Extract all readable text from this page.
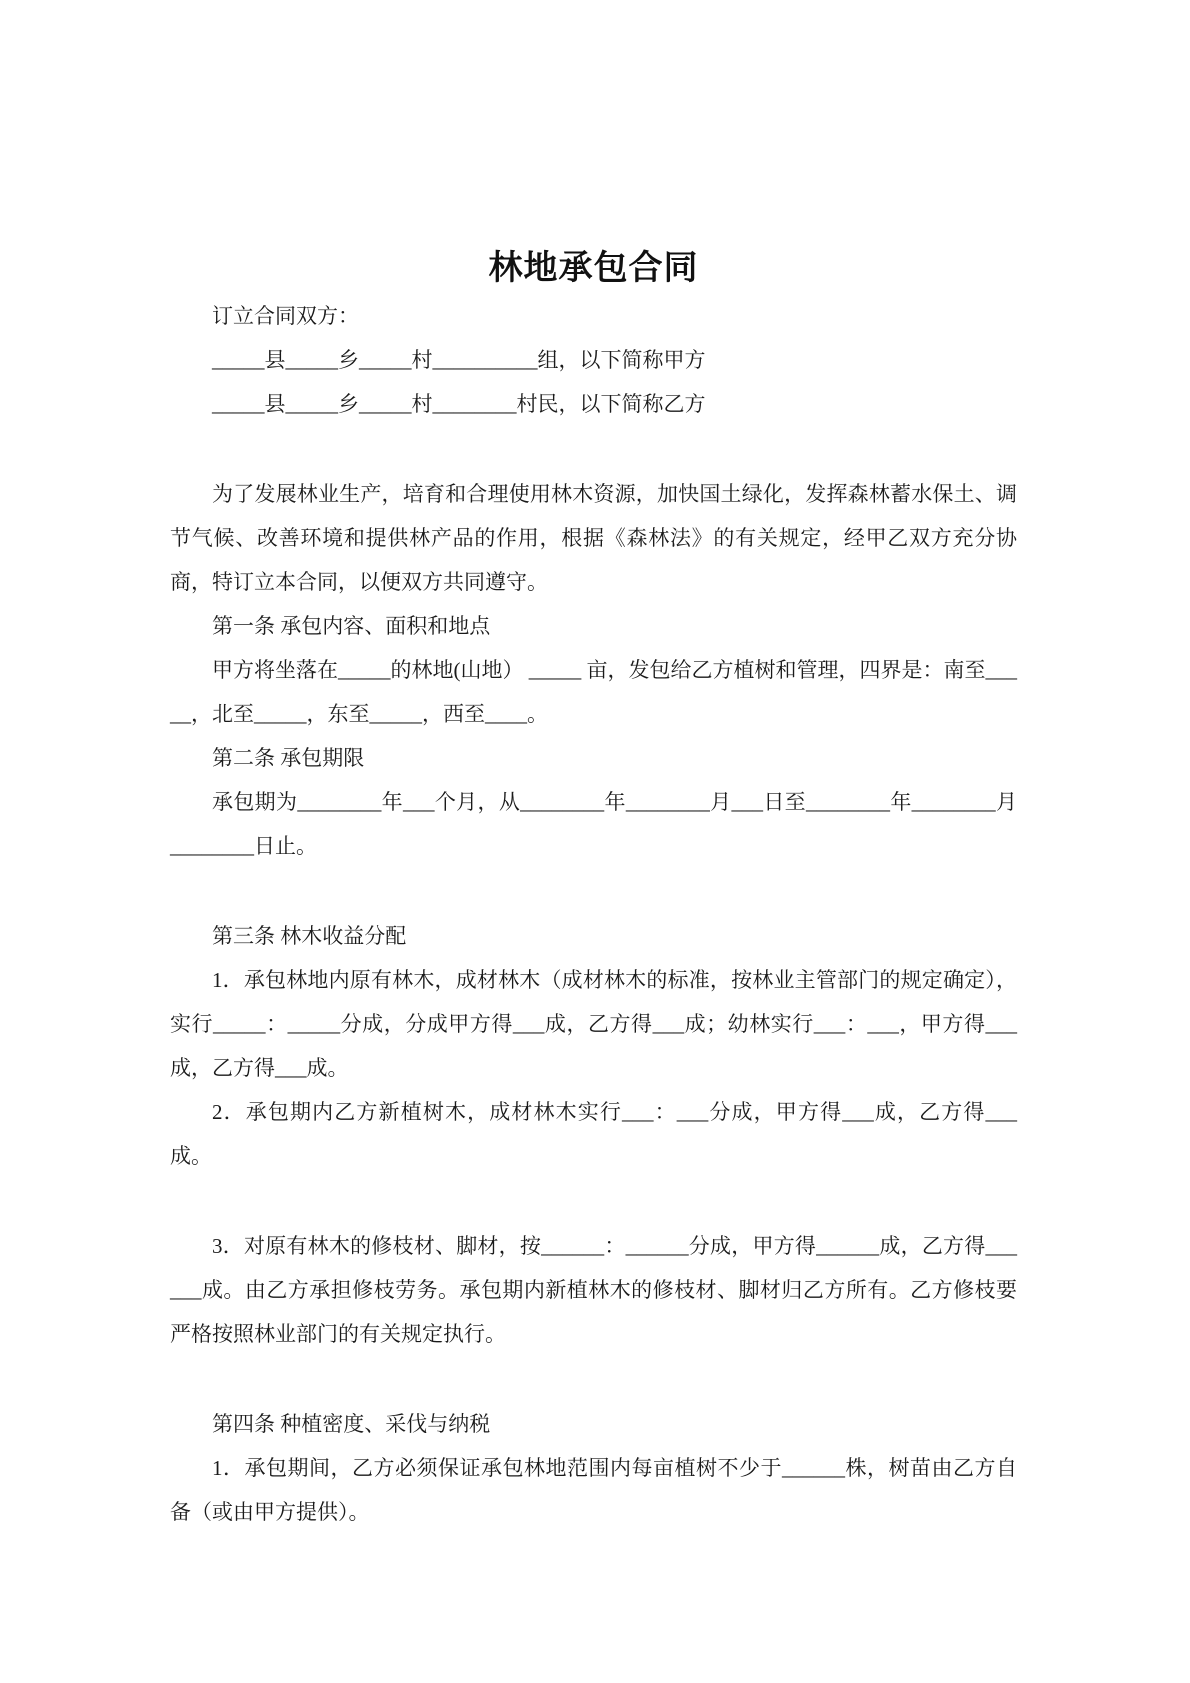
林地承包合同

订立合同双方：

_____县_____乡_____村__________组，以下简称甲方

_____县_____乡_____村________村民，以下简称乙方

为了发展林业生产，培育和合理使用林木资源，加快国土绿化，发挥森林蓄水保土、调节气候、改善环境和提供林产品的作用，根据《森林法》的有关规定，经甲乙双方充分协商，特订立本合同，以便双方共同遵守。

第一条 承包内容、面积和地点

甲方将坐落在_____的林地(山地） _____ 亩，发包给乙方植树和管理，四界是：南至_____，北至_____，东至_____，西至____。

第二条 承包期限

承包期为________年___个月，从________年________月___日至________年________月________日止。

第三条 林木收益分配

1．承包林地内原有林木，成材林木（成材林木的标准，按林业主管部门的规定确定），实行_____：_____分成，分成甲方得___成，乙方得___成；幼林实行___：___，甲方得___成，乙方得___成。

2．承包期内乙方新植树木，成材林木实行___：___分成，甲方得___成，乙方得___成。

3．对原有林木的修枝材、脚材，按______：______分成，甲方得______成，乙方得______成。由乙方承担修枝劳务。承包期内新植林木的修枝材、脚材归乙方所有。乙方修枝要严格按照林业部门的有关规定执行。

第四条 种植密度、采伐与纳税

1．承包期间，乙方必须保证承包林地范围内每亩植树不少于______株，树苗由乙方自备（或由甲方提供）。
